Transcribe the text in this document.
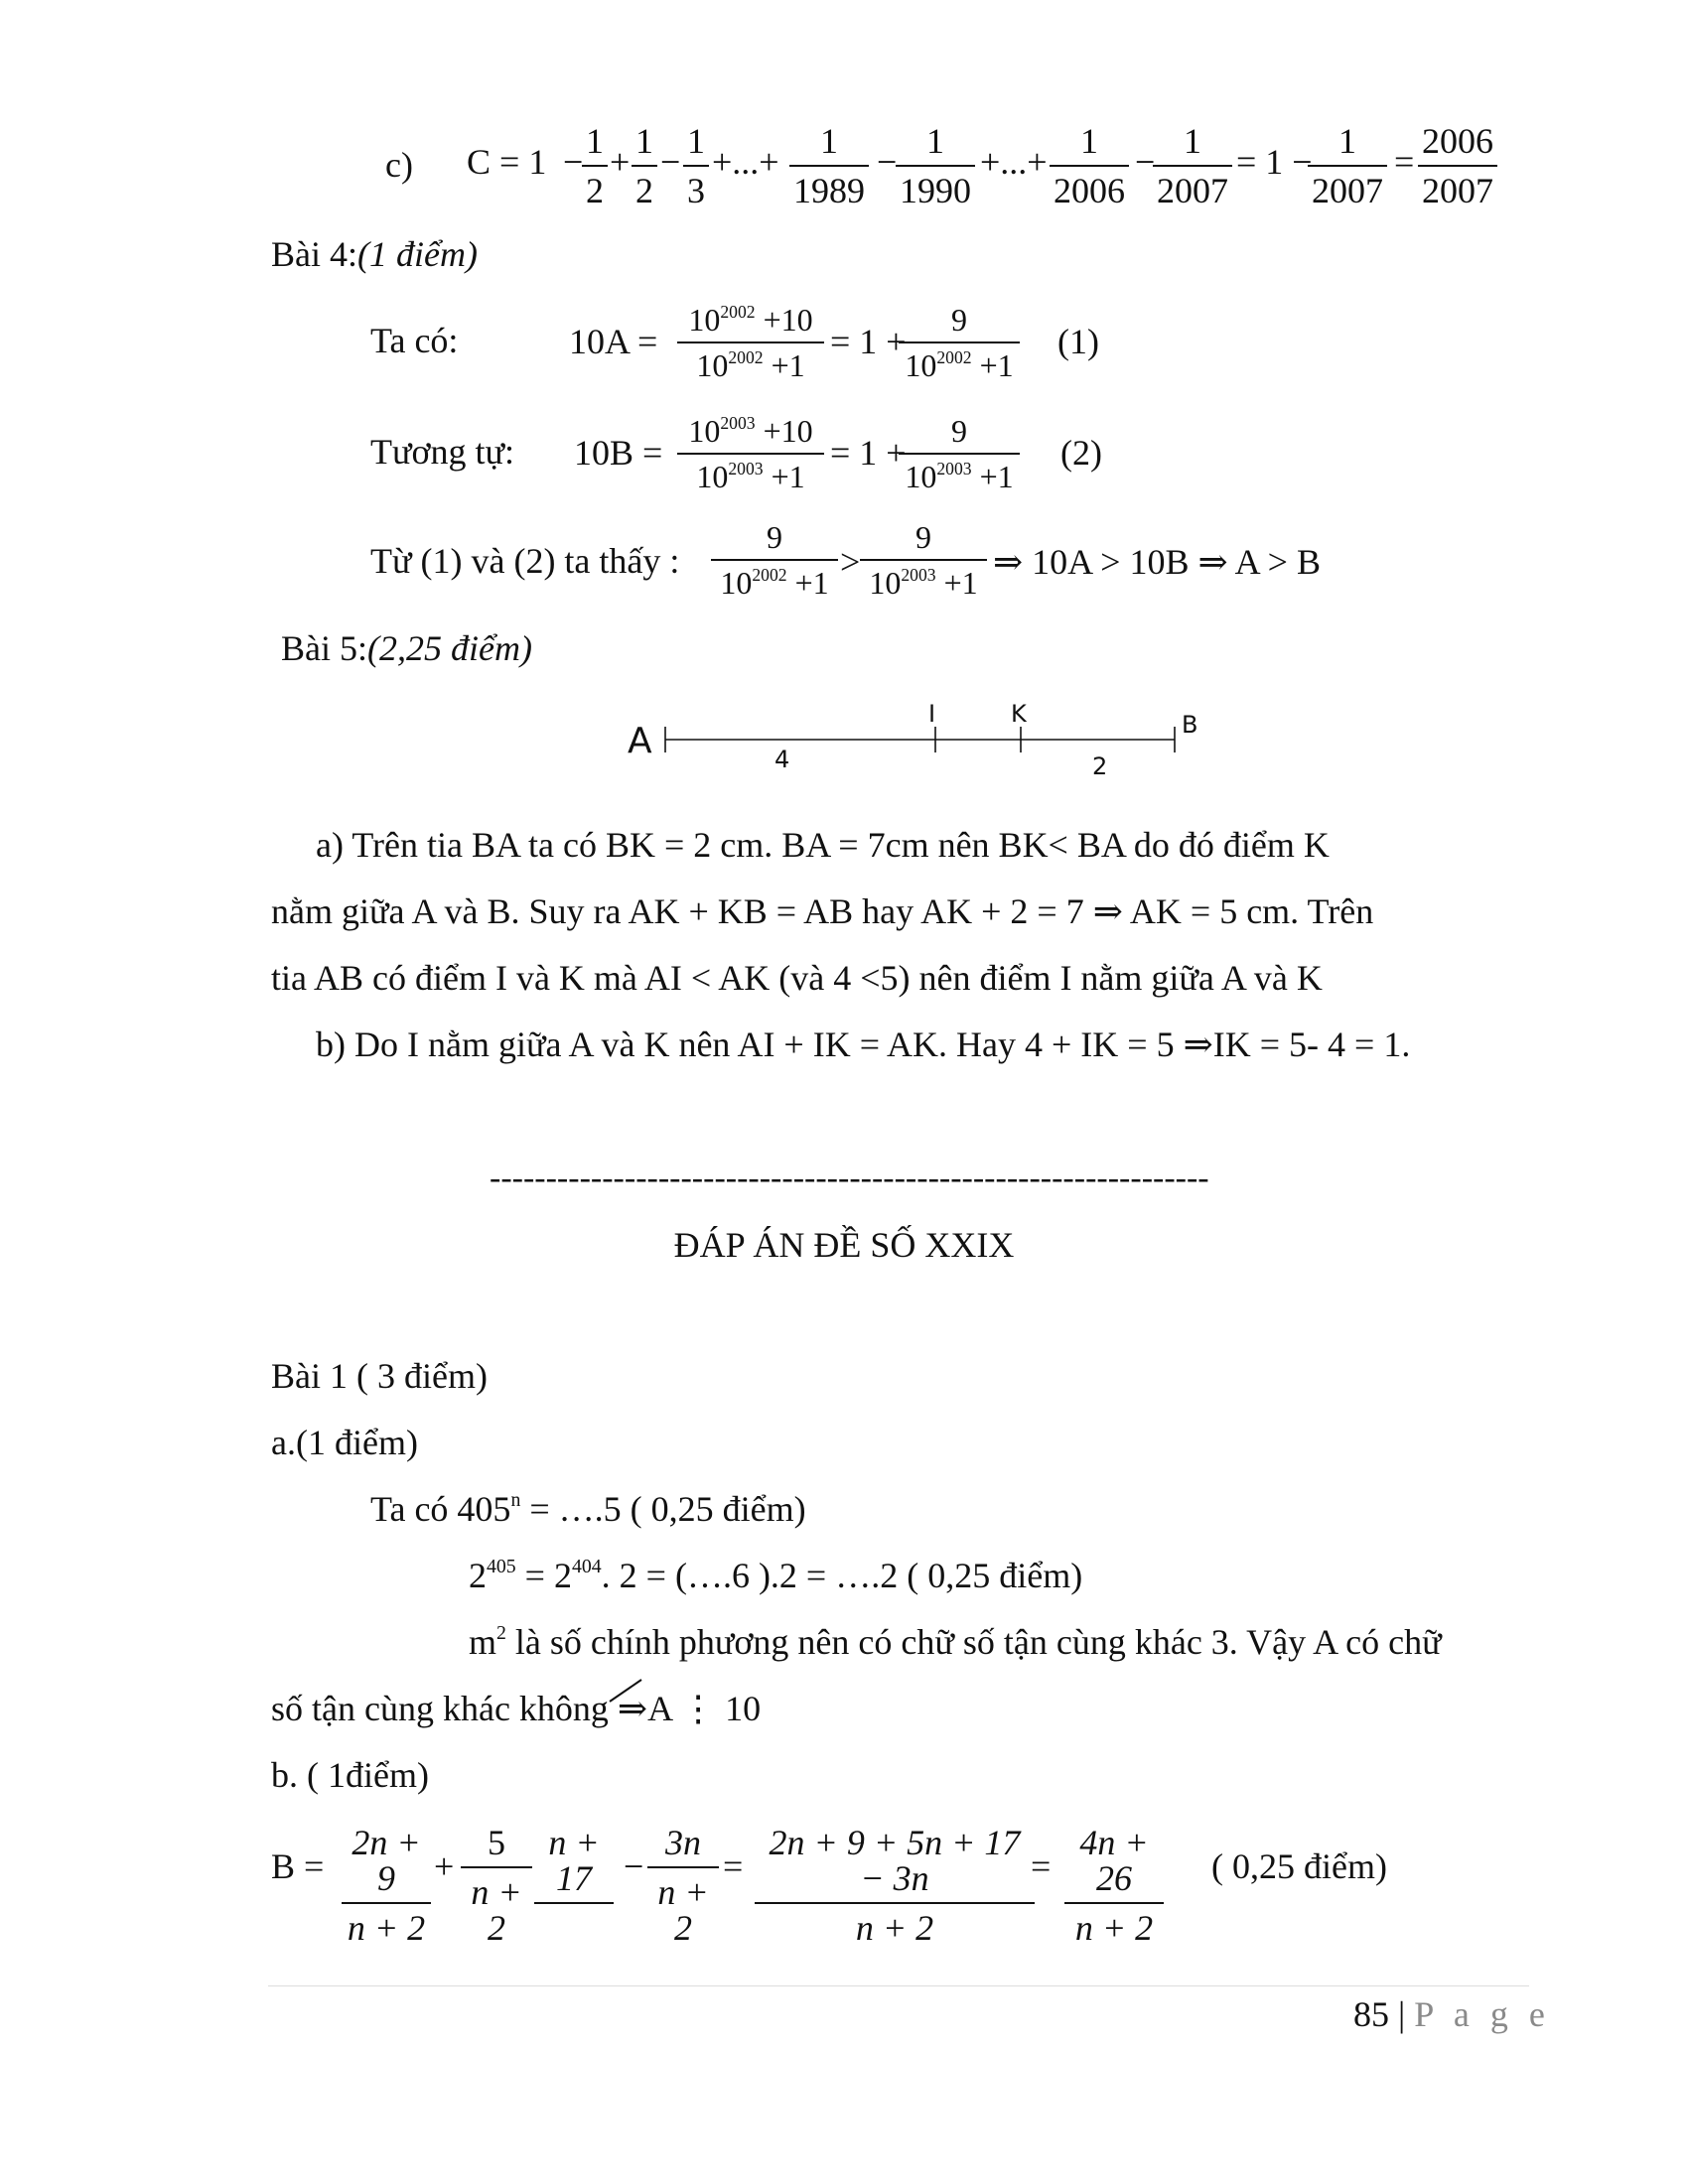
c) C = 1 −
1
2
+
1
2
−
1
3
+...+
1
1989
−
1
1990
+...+
1
2006
−
1
2007
= 1 −
1
2007
=
2006
2007
Bài 4:(1 điểm)
Ta có:	10A =
$10^{2002} +10$
$10^{2002} +1$
= 1 +
9
$10^{2002} +1$
(1)
Tương tự: 10B =
$10^{2003} +10$
$10^{2003} +1$
= 1 +
9
$10^{2003} +1$
(2)
Từ (1) và (2) ta thấy :
9
$10^{2002} +1$
>
9
$10^{2003} +1$
⇒ 10A > 10B ⇒ A > B
Bài 5:(2,25 điểm)
A
I	K	B
4	2
a) Trên tia BA ta có BK = 2 cm. BA = 7cm nên BK< BA do đó điểm K
nằm giữa A và B. Suy ra AK + KB = AB hay AK + 2 = 7 ⇒ AK = 5 cm. Trên
tia AB có điểm I và K mà AI < AK (và 4 <5) nên điểm I nằm giữa A và K
b) Do I nằm giữa A và K nên AI + IK = AK. Hay 4 + IK = 5 ⇒IK = 5- 4 = 1.
----------------------------------------------------------------
ĐÁP ÁN ĐỀ SỐ XXIX
Bài 1 ( 3 điểm)
a.(1 điểm)
Ta có $405^n$ = ….5 ( 0,25 điểm)
$2^{405} = 2^{404}$. 2 = (….6 ).2 = ….2 ( 0,25 điểm)
$m^2$ là số chính phương nên có chữ số tận cùng khác 3. Vậy A có chữ
số tận cùng khác không ⇒A ⋮ 10
b. ( 1điểm)
B =
2n + 9
n + 2
+
5
n + 2
n + 17
−
3n
n + 2
=
2n + 9 + 5n + 17 − 3n
n + 2
=
4n + 26
n + 2
( 0,25 điểm)
85 | P a g e
